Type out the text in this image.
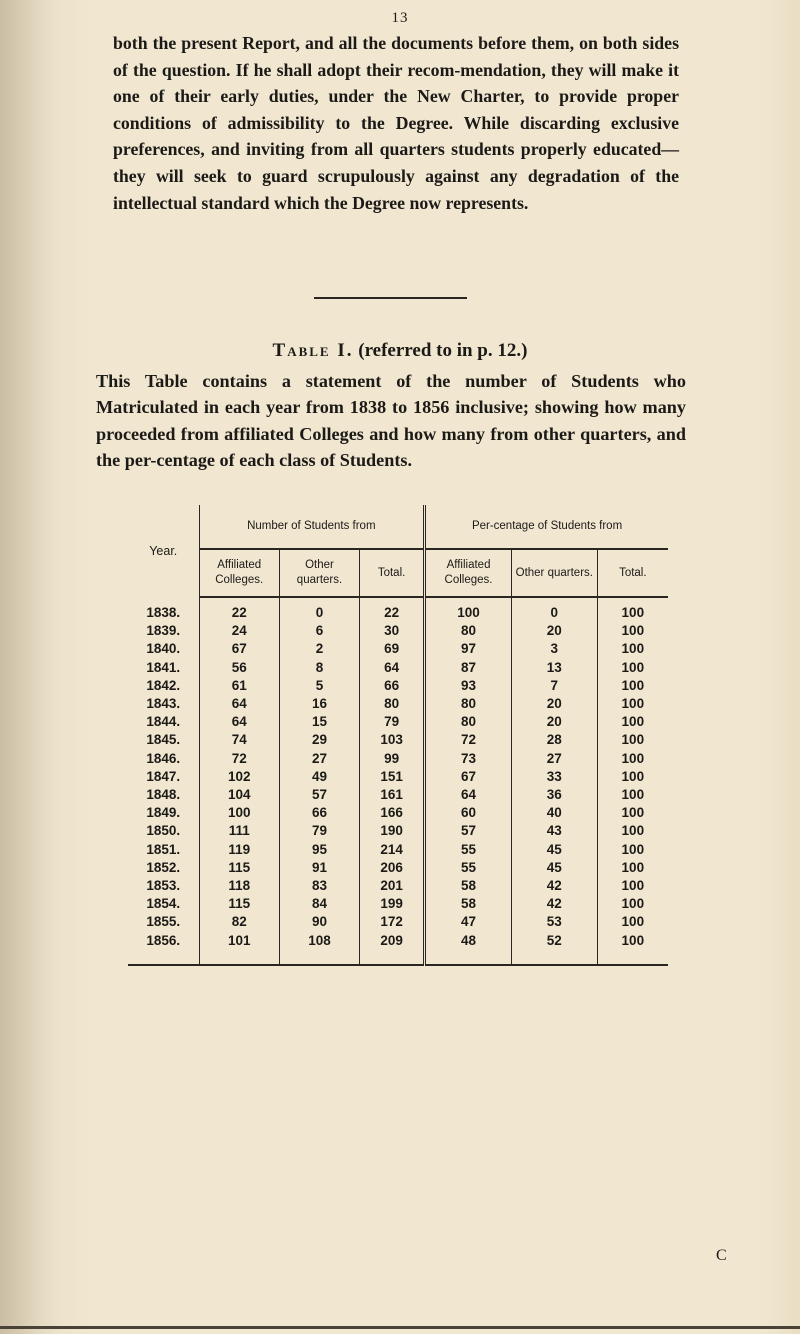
13

both the present Report, and all the documents before them, on both sides of the question. If he shall adopt their recom-mendation, they will make it one of their early duties, under the New Charter, to provide proper conditions of admissibility to the Degree. While discarding exclusive preferences, and inviting from all quarters students properly educated—they will seek to guard scrupulously against any degradation of the intellectual standard which the Degree now represents.

Table I. (referred to in p. 12.)

This Table contains a statement of the number of Students who Matriculated in each year from 1838 to 1856 inclusive; showing how many proceeded from affiliated Colleges and how many from other quarters, and the per-centage of each class of Students.

Year.	Number of Students from			Per-centage of Students from		
	Affiliated Colleges.	Other quarters.	Total.	Affiliated Colleges.	Other quarters.	Total.
1838.	22	0	22	100	0	100
1839.	24	6	30	80	20	100
1840.	67	2	69	97	3	100
1841.	56	8	64	87	13	100
1842.	61	5	66	93	7	100
1843.	64	16	80	80	20	100
1844.	64	15	79	80	20	100
1845.	74	29	103	72	28	100
1846.	72	27	99	73	27	100
1847.	102	49	151	67	33	100
1848.	104	57	161	64	36	100
1849.	100	66	166	60	40	100
1850.	111	79	190	57	43	100
1851.	119	95	214	55	45	100
1852.	115	91	206	55	45	100
1853.	118	83	201	58	42	100
1854.	115	84	199	58	42	100
1855.	82	90	172	47	53	100
1856.	101	108	209	48	52	100
C
